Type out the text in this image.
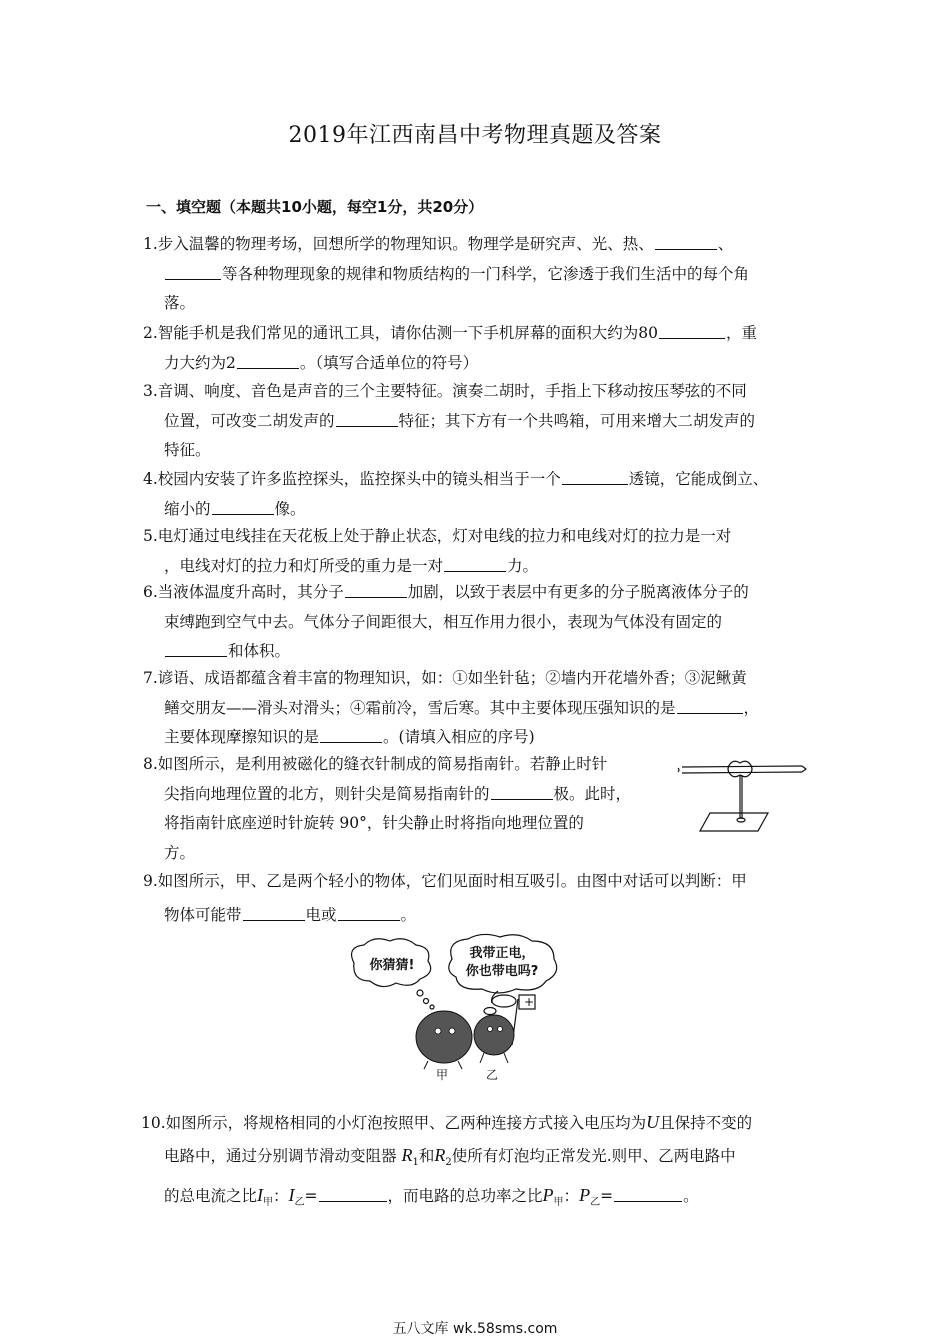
2019年江西南昌中考物理真题及答案
一、填空题（本题共10小题，每空1分，共20分）
1.步入温馨的物理考场，回想所学的物理知识。物理学是研究声、光、热、	、
等各种物理现象的规律和物质结构的一门科学，它渗透于我们生活中的每个角
落。
2.智能手机是我们常见的通讯工具，请你估测一下手机屏幕的面积大约为80	，重
力大约为2	。（填写合适单位的符号）
3.音调、响度、音色是声音的三个主要特征。演奏二胡时，手指上下移动按压琴弦的不同
位置，可改变二胡发声的	特征；其下方有一个共鸣箱，可用来增大二胡发声的
特征。
4.校园内安装了许多监控探头，监控探头中的镜头相当于一个	透镜，它能成倒立、
缩小的	像。
5.电灯通过电线挂在天花板上处于静止状态，灯对电线的拉力和电线对灯的拉力是一对
，电线对灯的拉力和灯所受的重力是一对	力。
6.当液体温度升高时，其分子	加剧，以致于表层中有更多的分子脱离液体分子的
束缚跑到空气中去。气体分子间距很大，相互作用力很小，表现为气体没有固定的
和体积。
7.谚语、成语都蕴含着丰富的物理知识，如：①如坐针毡；②墙内开花墙外香；③泥鳅黄
鳝交朋友——滑头对滑头；④霜前冷，雪后寒。其中主要体现压强知识的是	，
主要体现摩擦知识的是	。(请填入相应的序号)
8.如图所示，是利用被磁化的缝衣针制成的简易指南针。若静止时针
尖指向地理位置的北方，则针尖是简易指南针的	极。此时，
将指南针底座逆时针旋转 90°，针尖静止时将指向地理位置的
方。
9.如图所示，甲、乙是两个轻小的物体，它们见面时相互吸引。由图中对话可以判断：甲
物体可能带	电或	。
+
你猜猜!
我带正电，
你也带电吗?
甲	乙
10.如图所示，将规格相同的小灯泡按照甲、乙两种连接方式接入电压均为U且保持不变的
电路中，通过分别调节滑动变阻器 $R_1$和$R_2$使所有灯泡均正常发光.则甲、乙两电路中
的总电流之比$I_甲$：$I_乙=$	，而电路的总功率之比$P_甲$：$P_乙=$	。
五八文库 wk.58sms.com
